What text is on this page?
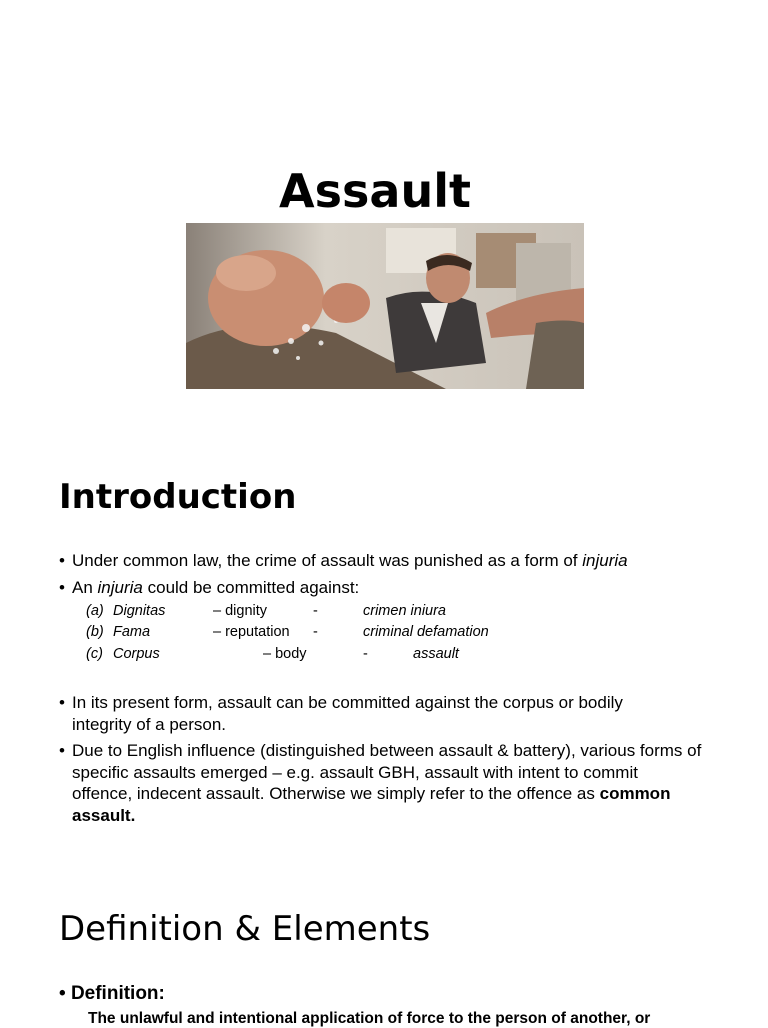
Assault
Introduction
• Under common law, the crime of assault was punished as a form of injuria
• An injuria could be committed against:
(a) Dignitas	– dignity	-	crimen iniura
(b) Fama	– reputation -	criminal defamation
(c) Corpus	– body	-	assault
• In its present form, assault can be committed against the corpus or bodily integrity of a person.
• Due to English influence (distinguished between assault & battery), various forms of specific assaults emerged – e.g. assault GBH, assault with intent to commit offence, indecent assault. Otherwise we simply refer to the offence as common assault.
Definition & Elements
• Definition:
The unlawful and intentional application of force to the person of another, or
